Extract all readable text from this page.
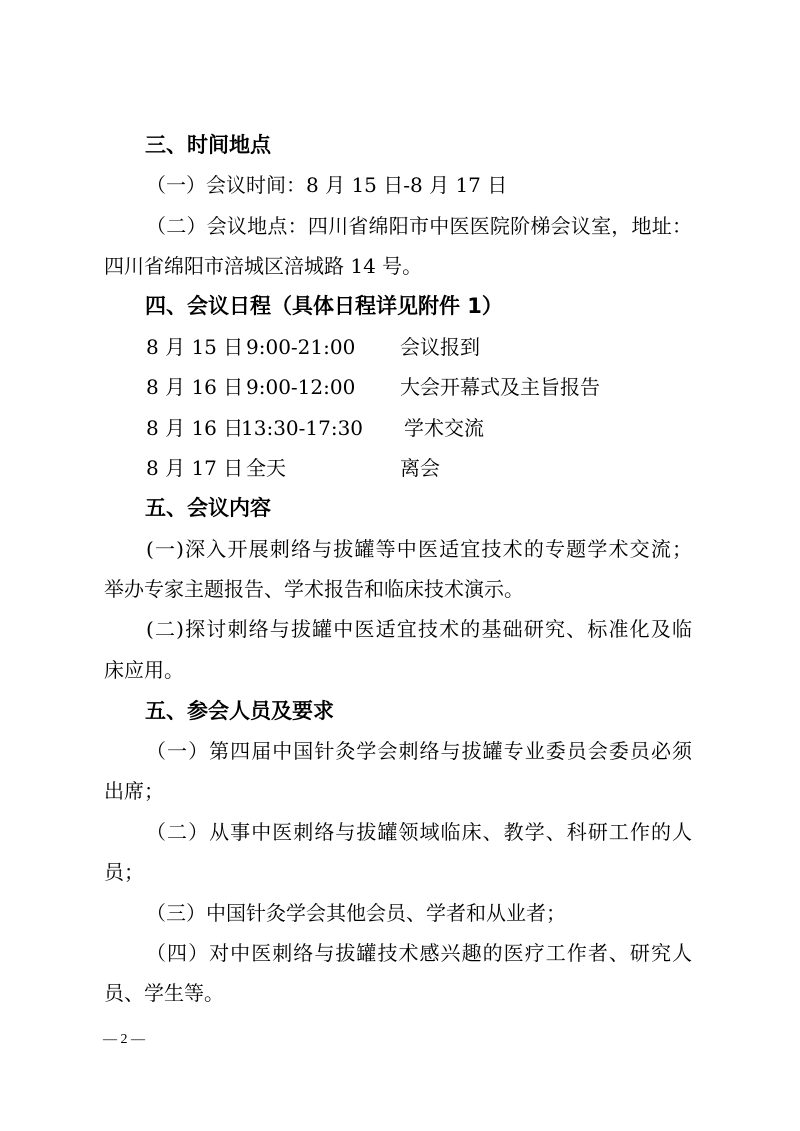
三、时间地点
（一）会议时间：8 月 15 日-8 月 17 日
（二）会议地点：四川省绵阳市中医医院阶梯会议室，地址：
四川省绵阳市涪城区涪城路 14 号。
四、会议日程（具体日程详见附件 1）
8 月 15 日 9:00-21:00 会议报到
8 月 16 日 9:00-12:00 大会开幕式及主旨报告
8 月 16 日
13:30-17:30 学术交流
8 月 17 日 全天	离会
五、会议内容
(一)深入开展刺络与拔罐等中医适宜技术的专题学术交流；
举办专家主题报告、学术报告和临床技术演示。
(二)探讨刺络与拔罐中医适宜技术的基础研究、标准化及临
床应用。
五、参会人员及要求
（一）第四届中国针灸学会刺络与拔罐专业委员会委员必须
出席；
（二）从事中医刺络与拔罐领域临床、教学、科研工作的人
员；
（三）中国针灸学会其他会员、学者和从业者；
（四）对中医刺络与拔罐技术感兴趣的医疗工作者、研究人
员、学生等。
— 2 —
